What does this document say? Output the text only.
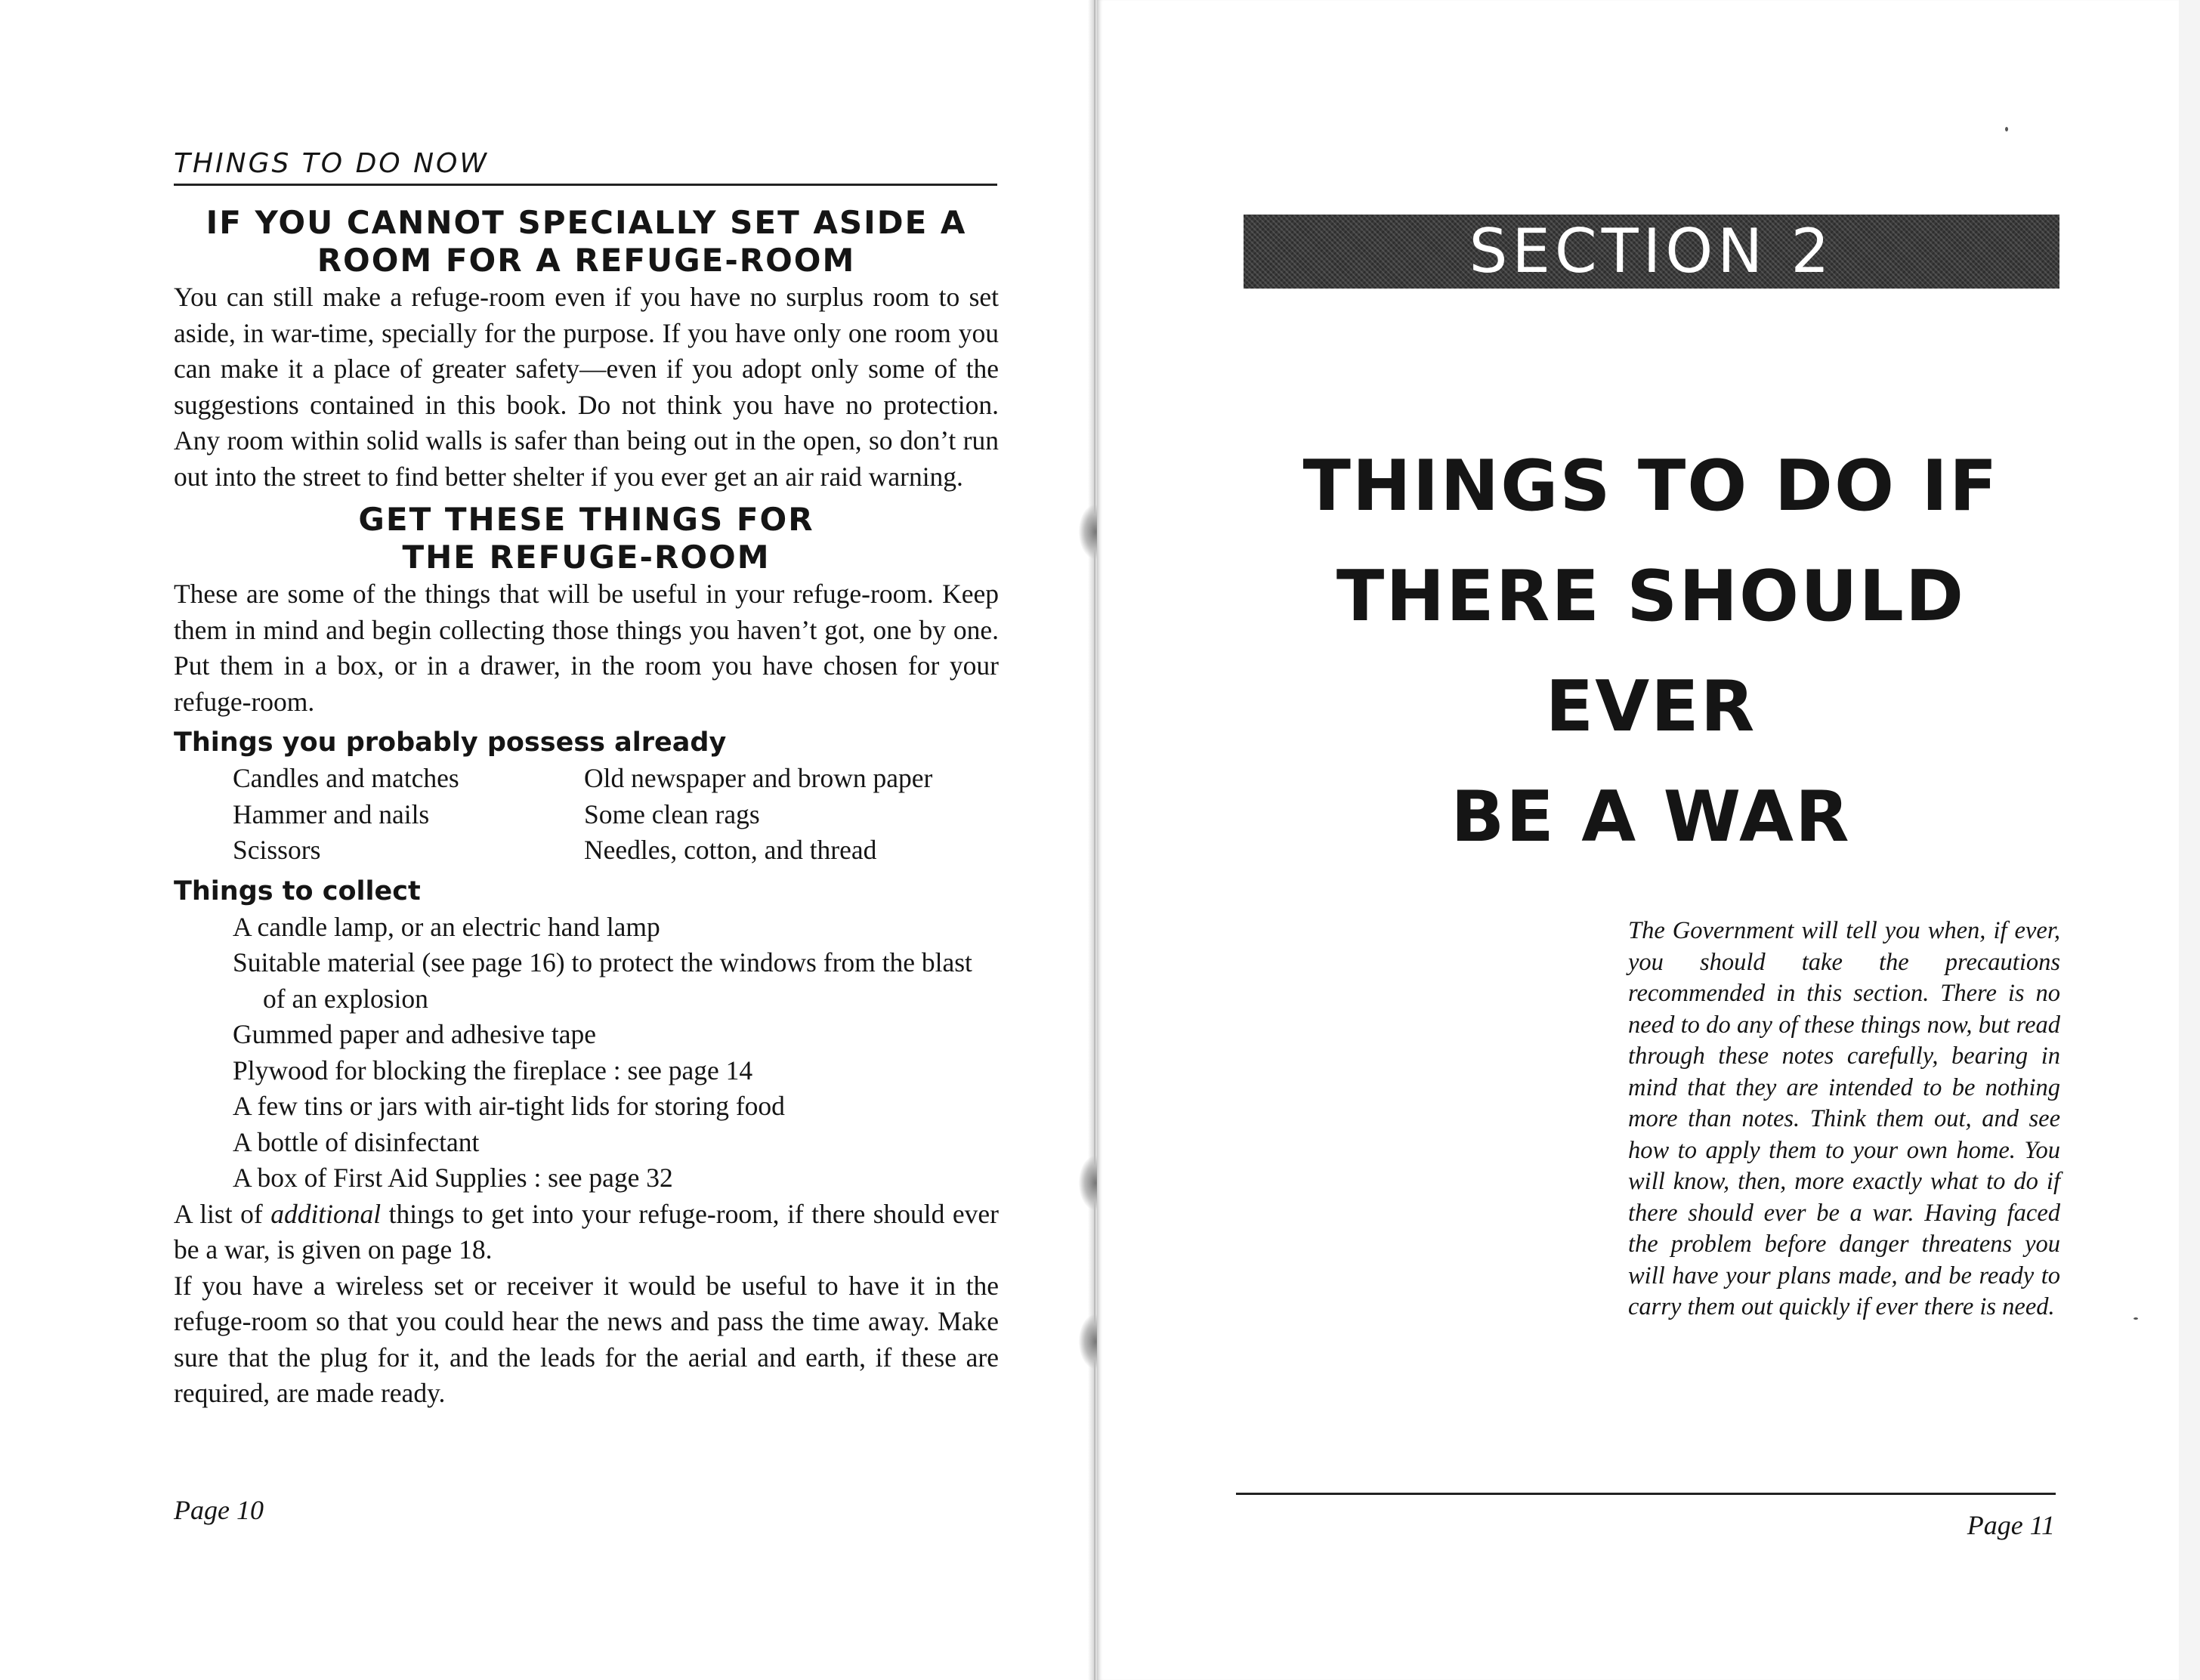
THINGS TO DO NOW
IF YOU CANNOT SPECIALLY SET ASIDE A ROOM FOR A REFUGE-ROOM

You can still make a refuge-room even if you have no surplus room to set aside, in war-time, specially for the purpose. If you have only one room you can make it a place of greater safety—even if you adopt only some of the suggestions contained in this book. Do not think you have no protection. Any room within solid walls is safer than being out in the open, so don’t run out into the street to find better shelter if you ever get an air raid warning.

GET THESE THINGS FOR THE REFUGE-ROOM

These are some of the things that will be useful in your refuge-room. Keep them in mind and begin collecting those things you haven’t got, one by one. Put them in a box, or in a drawer, in the room you have chosen for your refuge-room.

Things you probably possess already
Candles and matches	Old newspaper and brown paper
Hammer and nails	Some clean rags
Scissors	Needles, cotton, and thread
Things to collect
A candle lamp, or an electric hand lamp
Suitable material (see page 16) to protect the windows from the blast of an explosion
Gummed paper and adhesive tape
Plywood for blocking the fireplace : see page 14
A few tins or jars with air-tight lids for storing food
A bottle of disinfectant
A box of First Aid Supplies : see page 32

A list of additional things to get into your refuge-room, if there should ever be a war, is given on page 18.

If you have a wireless set or receiver it would be useful to have it in the refuge-room so that you could hear the news and pass the time away. Make sure that the plug for it, and the leads for the aerial and earth, if these are required, are made ready.

Page 10
SECTION 2
THINGS TO DO IF
THERE SHOULD EVER
BE A WAR

The Government will tell you when, if ever, you should take the precautions recommended in this section. There is no need to do any of these things now, but read through these notes carefully, bearing in mind that they are intended to be nothing more than notes. Think them out, and see how to apply them to your own home. You will know, then, more exactly what to do if there should ever be a war. Having faced the problem before danger threatens you will have your plans made, and be ready to carry them out quickly if ever there is need.

Page 11
